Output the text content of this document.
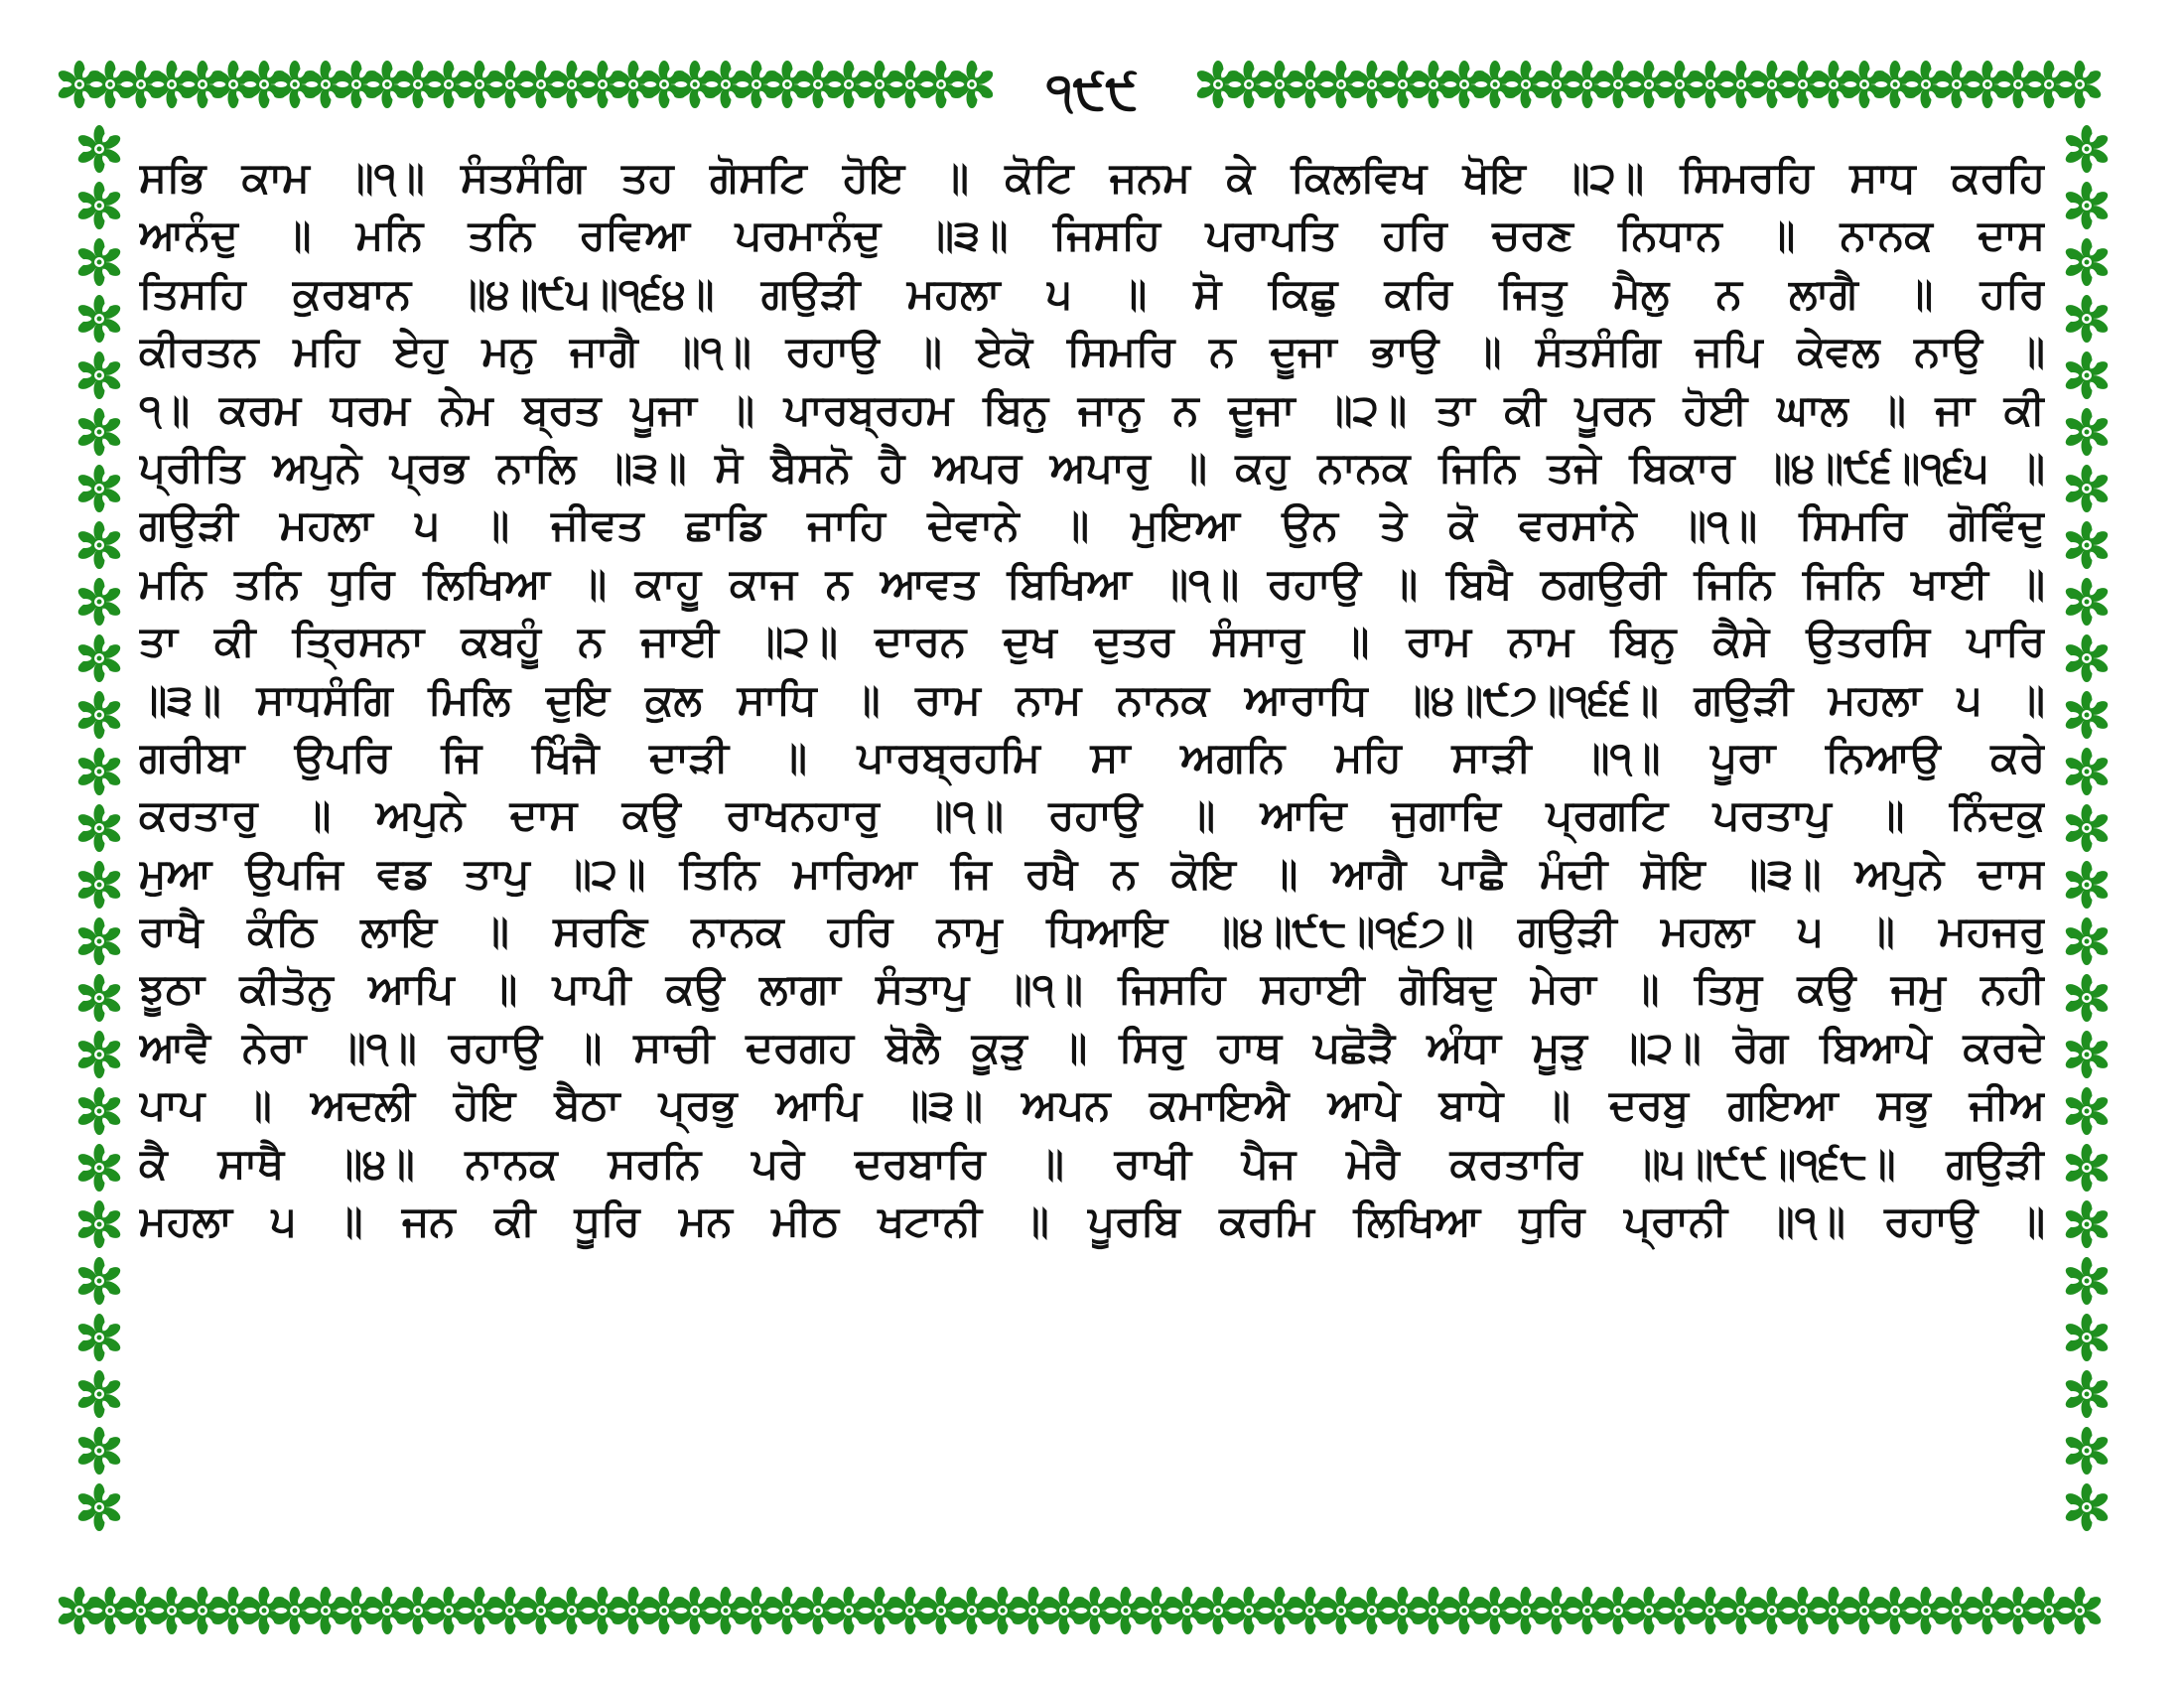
੧੯੯
ਸਭਿ ਕਾਮ ॥੧॥ ਸੰਤਸੰਗਿ ਤਹ ਗੋਸਟਿ ਹੋਇ ॥ ਕੋਟਿ ਜਨਮ ਕੇ ਕਿਲਵਿਖ ਖੋਇ ॥੨॥ ਸਿਮਰਹਿ ਸਾਧ ਕਰਹਿ
ਆਨੰਦੁ ॥ ਮਨਿ ਤਨਿ ਰਵਿਆ ਪਰਮਾਨੰਦੁ ॥੩॥ ਜਿਸਹਿ ਪਰਾਪਤਿ ਹਰਿ ਚਰਣ ਨਿਧਾਨ ॥ ਨਾਨਕ ਦਾਸ
ਤਿਸਹਿ ਕੁਰਬਾਨ ॥੪॥੯੫॥੧੬੪॥ ਗਉੜੀ ਮਹਲਾ ੫ ॥ ਸੋ ਕਿਛੁ ਕਰਿ ਜਿਤੁ ਮੈਲੁ ਨ ਲਾਗੈ ॥ ਹਰਿ
ਕੀਰਤਨ ਮਹਿ ਏਹੁ ਮਨੁ ਜਾਗੈ ॥੧॥ ਰਹਾਉ ॥ ਏਕੋ ਸਿਮਰਿ ਨ ਦੂਜਾ ਭਾਉ ॥ ਸੰਤਸੰਗਿ ਜਪਿ ਕੇਵਲ ਨਾਉ ॥
੧॥ ਕਰਮ ਧਰਮ ਨੇਮ ਬ੍ਰਤ ਪੂਜਾ ॥ ਪਾਰਬ੍ਰਹਮ ਬਿਨੁ ਜਾਨੁ ਨ ਦੂਜਾ ॥੨॥ ਤਾ ਕੀ ਪੂਰਨ ਹੋਈ ਘਾਲ ॥ ਜਾ ਕੀ
ਪ੍ਰੀਤਿ ਅਪੁਨੇ ਪ੍ਰਭ ਨਾਲਿ ॥੩॥ ਸੋ ਬੈਸਨੋ ਹੈ ਅਪਰ ਅਪਾਰੁ ॥ ਕਹੁ ਨਾਨਕ ਜਿਨਿ ਤਜੇ ਬਿਕਾਰ ॥੪॥੯੬॥੧੬੫ ॥
ਗਉੜੀ ਮਹਲਾ ੫ ॥ ਜੀਵਤ ਛਾਡਿ ਜਾਹਿ ਦੇਵਾਨੇ ॥ ਮੁਇਆ ਉਨ ਤੇ ਕੋ ਵਰਸਾਂਨੇ ॥੧॥ ਸਿਮਰਿ ਗੋਵਿੰਦੁ
ਮਨਿ ਤਨਿ ਧੁਰਿ ਲਿਖਿਆ ॥ ਕਾਹੂ ਕਾਜ ਨ ਆਵਤ ਬਿਖਿਆ ॥੧॥ ਰਹਾਉ ॥ ਬਿਖੈ ਠਗਉਰੀ ਜਿਨਿ ਜਿਨਿ ਖਾਈ ॥
ਤਾ ਕੀ ਤ੍ਰਿਸਨਾ ਕਬਹੂੰ ਨ ਜਾਈ ॥੨॥ ਦਾਰਨ ਦੁਖ ਦੁਤਰ ਸੰਸਾਰੁ ॥ ਰਾਮ ਨਾਮ ਬਿਨੁ ਕੈਸੇ ਉਤਰਸਿ ਪਾਰਿ
॥੩॥ ਸਾਧਸੰਗਿ ਮਿਲਿ ਦੁਇ ਕੁਲ ਸਾਧਿ ॥ ਰਾਮ ਨਾਮ ਨਾਨਕ ਆਰਾਧਿ ॥੪॥੯੭॥੧੬੬॥ ਗਉੜੀ ਮਹਲਾ ੫ ॥
ਗਰੀਬਾ ਉਪਰਿ ਜਿ ਖਿੰਜੈ ਦਾੜੀ ॥ ਪਾਰਬ੍ਰਹਮਿ ਸਾ ਅਗਨਿ ਮਹਿ ਸਾੜੀ ॥੧॥ ਪੂਰਾ ਨਿਆਉ ਕਰੇ
ਕਰਤਾਰੁ ॥ ਅਪੁਨੇ ਦਾਸ ਕਉ ਰਾਖਨਹਾਰੁ ॥੧॥ ਰਹਾਉ ॥ ਆਦਿ ਜੁਗਾਦਿ ਪ੍ਰਗਟਿ ਪਰਤਾਪੁ ॥ ਨਿੰਦਕੁ
ਮੁਆ ਉਪਜਿ ਵਡ ਤਾਪੁ ॥੨॥ ਤਿਨਿ ਮਾਰਿਆ ਜਿ ਰਖੈ ਨ ਕੋਇ ॥ ਆਗੈ ਪਾਛੈ ਮੰਦੀ ਸੋਇ ॥੩॥ ਅਪੁਨੇ ਦਾਸ
ਰਾਖੈ ਕੰਠਿ ਲਾਇ ॥ ਸਰਣਿ ਨਾਨਕ ਹਰਿ ਨਾਮੁ ਧਿਆਇ ॥੪॥੯੮॥੧੬੭॥ ਗਉੜੀ ਮਹਲਾ ੫ ॥ ਮਹਜਰੁ
ਝੂਠਾ ਕੀਤੋਨੁ ਆਪਿ ॥ ਪਾਪੀ ਕਉ ਲਾਗਾ ਸੰਤਾਪੁ ॥੧॥ ਜਿਸਹਿ ਸਹਾਈ ਗੋਬਿਦੁ ਮੇਰਾ ॥ ਤਿਸੁ ਕਉ ਜਮੁ ਨਹੀ
ਆਵੈ ਨੇਰਾ ॥੧॥ ਰਹਾਉ ॥ ਸਾਚੀ ਦਰਗਹ ਬੋਲੈ ਕੂੜੁ ॥ ਸਿਰੁ ਹਾਥ ਪਛੋੜੈ ਅੰਧਾ ਮੂੜੁ ॥੨॥ ਰੋਗ ਬਿਆਪੇ ਕਰਦੇ
ਪਾਪ ॥ ਅਦਲੀ ਹੋਇ ਬੈਠਾ ਪ੍ਰਭੁ ਆਪਿ ॥੩॥ ਅਪਨ ਕਮਾਇਐ ਆਪੇ ਬਾਧੇ ॥ ਦਰਬੁ ਗਇਆ ਸਭੁ ਜੀਅ
ਕੈ ਸਾਥੈ ॥੪॥ ਨਾਨਕ ਸਰਨਿ ਪਰੇ ਦਰਬਾਰਿ ॥ ਰਾਖੀ ਪੈਜ ਮੇਰੈ ਕਰਤਾਰਿ ॥੫॥੯੯॥੧੬੮॥ ਗਉੜੀ
ਮਹਲਾ ੫ ॥ ਜਨ ਕੀ ਧੂਰਿ ਮਨ ਮੀਠ ਖਟਾਨੀ ॥ ਪੂਰਬਿ ਕਰਮਿ ਲਿਖਿਆ ਧੁਰਿ ਪ੍ਰਾਨੀ ॥੧॥ ਰਹਾਉ ॥
